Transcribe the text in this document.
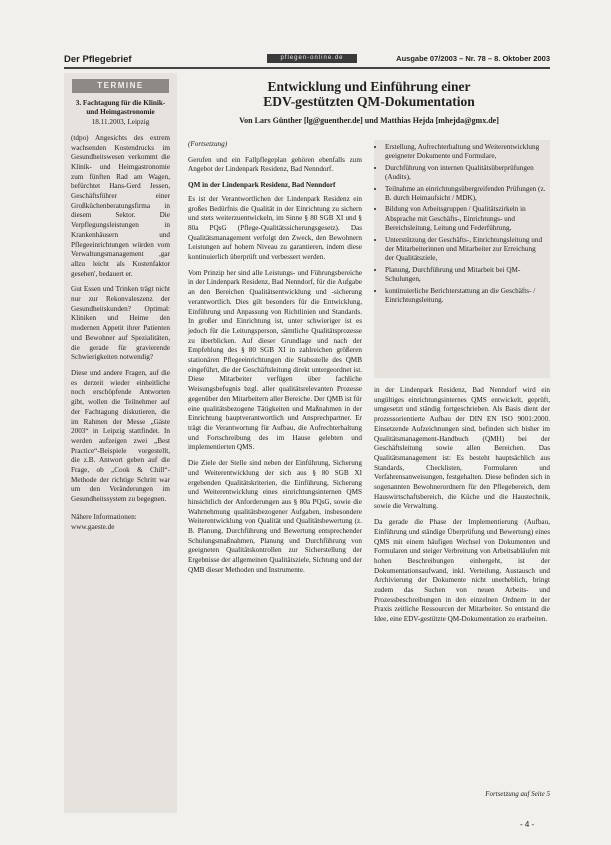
Der Pflegebrief	pflegen-online.de	Ausgabe 07/2003 – Nr. 78 – 8. Oktober 2003
TERMINE
3. Fachtagung für die Klinik- und Heimgastronomie
18.11.2003, Leipzig

(tdpo) Angesichts des extrem wachsenden Kostendrucks im Gesundheitswesen verkommt die Klinik- und Heimgastronomie zum fünften Rad am Wagen, befürchtet Hans-Gerd Jessen, Geschäftsführer einer Großküchenberatungsfirma in diesem Sektor. Die Verpflegungsleistungen in Krankenhäusern und Pflegeeinrichtungen würden vom Verwaltungsmanagement ,gar allzu leicht als Kostenfaktor gesehen', bedauert er.

Gut Essen und Trinken trägt nicht nur zur Rekonvaleszenz der Gesundheitskunden? Optimal: Kliniken und Heime den modernen Appetit ihrer Patienten und Bewohner auf Spezialitäten, die gerade für gravierende Schwierigkeiten notwendig?

Diese und andere Fragen, auf die es derzeit wieder einheitliche noch erschöpfende Antworten gibt, wollen die Teilnehmer auf der Fachtagung diskutieren, die im Rahmen der Messe „Gäste 2003“ in Leipzig stattfindet. In werden aufzeigen zwei „Best Practice“-Beispiele vorgestellt, die z.B. Antwort geben auf die Frage, ob „Cook & Chill“-Methode der richtige Schritt war um den Veränderungen im Gesundheitssystem zu begegnen.

Nähere Informationen:

www.gaeste.de

Entwicklung und Einführung einer
EDV-gestützten QM-Dokumentation
Von Lars Günther [lg@guenther.de] und Matthias Hejda [mhejda@gmx.de]

(Fortsetzung)

Gerufen und ein Fallpflegeplan gehören ebenfalls zum Angebot der Lindenpark Residenz, Bad Nenndorf.

QM in der Lindenpark Residenz, Bad Nenndorf

Es ist der Verantwortlichen der Lindenpark Residenz ein großes Bedürfnis die Qualität in der Einrichtung zu sichern und stets weiterzuentwickeln, im Sinne § 80 SGB XI und § 80a PQsG (Pflege-Qualitätssicherungsgesetz). Das Qualitätsmanagement verfolgt den Zweck, den Bewohnern Leistungen auf hohem Niveau zu garantieren, indem diese kontinuierlich überprüft und verbessert werden.

Vom Prinzip her sind alle Leistungs- und Führungsbereiche in der Lindenpark Residenz, Bad Nenndorf, für die Aufgabe an den Bereichen Qualitätsentwicklung und -sicherung verantwortlich. Dies gilt besonders für die Entwicklung, Einführung und Anpassung von Richtlinien und Standards. In großer und Einrichtung ist, unter schwieriger ist es jedoch für die Leitungsperson, sämtliche Qualitätsprozesse zu überblicken. Auf dieser Grundlage und nach der Empfehlung des § 80 SGB XI in zahlreichen größeren stationären Pflegeeinrichtungen die Stabsstelle des QMB eingeführt, die der Geschäftsleitung direkt untergeordnet ist. Diese Mitarbeiter verfügen über fachliche Weisungsbefugnis bzgl. aller qualitätsrelevanten Prozesse gegenüber den Mitarbeitern aller Bereiche. Der QMB ist für eine qualitätsbezogene Tätigkeiten und Maßnahmen in der Einrichtung hauptverantwortlich und Ansprechpartner. Er trägt die Verantwortung für Aufbau, die Aufrechterhaltung und Fortschreibung des im Hause gelebten und implementierten QMS.

Die Ziele der Stelle sind neben der Einführung, Sicherung und Weiterentwicklung der sich aus § 80 SGB XI ergebenden Qualitätskriterien, die Einführung, Sicherung und Weiterentwicklung eines einrichtungsinternen QMS hinsichtlich der Anforderungen aus § 80a PQsG, sowie die Wahrnehmung qualitätsbezogener Aufgaben, insbesondere Weiterentwicklung von Qualität und Qualitätsbewertung (z. B. Planung, Durchführung und Bewertung entsprechender Schulungsmaßnahmen, Planung und Durchführung von geeigneten Qualitätskontrollen zur Sicherstellung der Ergebnisse der allgemeinen Qualitätsziele, Sichtung und der QMB dieser Methoden und Instrumente.

• Erstellung, Aufrechterhaltung und Weiterentwicklung geeigneter Dokumente und Formulare,
• Durchführung von internen Qualitätsüberprüfungen (Audits),
• Teilnahme an einrichtungsübergreifenden Prüfungen (z. B. durch Heimaufsicht / MDK),
• Bildung von Arbeitsgruppen / Qualitätszirkeln in Absprache mit Geschäfts-, Einrichtungs- und Bereichsleitung, Leitung und Federführung,
• Unterstützung der Geschäfts-, Einrichtungsleitung und der Mitarbeiterinnen und Mitarbeiter zur Erreichung der Qualitätsziele,
• Planung, Durchführung und Mitarbeit bei QM-Schulungen,
• kontinuierliche Berichterstattung an die Geschäfts- / Einrichtungsleitung.

in der Lindenpark Residenz, Bad Nenndorf wird ein ungültiges einrichtungsinternes QMS entwickelt, geprüft, umgesetzt und ständig fortgeschrieben. Als Basis dient der prozessorientierte Aufbau der DIN EN ISO 9001:2000. Einsetzende Aufzeichnungen sind, befinden sich bisher im Qualitätsmanagement-Handbuch (QMH) bei der Geschäftsleitung sowie allen Bereichen. Das Qualitätsmanagement ist: Es besteht hauptsächlich aus Standards, Checklisten, Formularen und Verfahrensanweisungen, festgehalten. Diese befinden sich in sogenannten Bewohnerordnern für den Pflegebereich, dem Hauswirtschaftsbereich, die Küche und die Haustechnik, sowie die Verwaltung.

Da gerade die Phase der Implementierung (Aufbau, Einführung und ständige Überprüfung und Bewertung) eines QMS mit einem häufigen Wechsel von Dokumenten und Formularen und steiger Verbreitung von Arbeitsabläufen mit hohen Beschreibungen einhergeht, ist der Dokumentationsaufwand, inkl. Verteilung, Austausch und Archivierung der Dokumente nicht unerheblich, bringt zudem das Suchen von neuen Arbeits- und Prozessbeschreibungen in den einzelnen Ordnern in der Praxis zeitliche Ressourcen der Mitarbeiter. So entstand die Idee, eine EDV-gestützte QM-Dokumentation zu erarbeiten.

Fortsetzung auf Seite 5
- 4 -
